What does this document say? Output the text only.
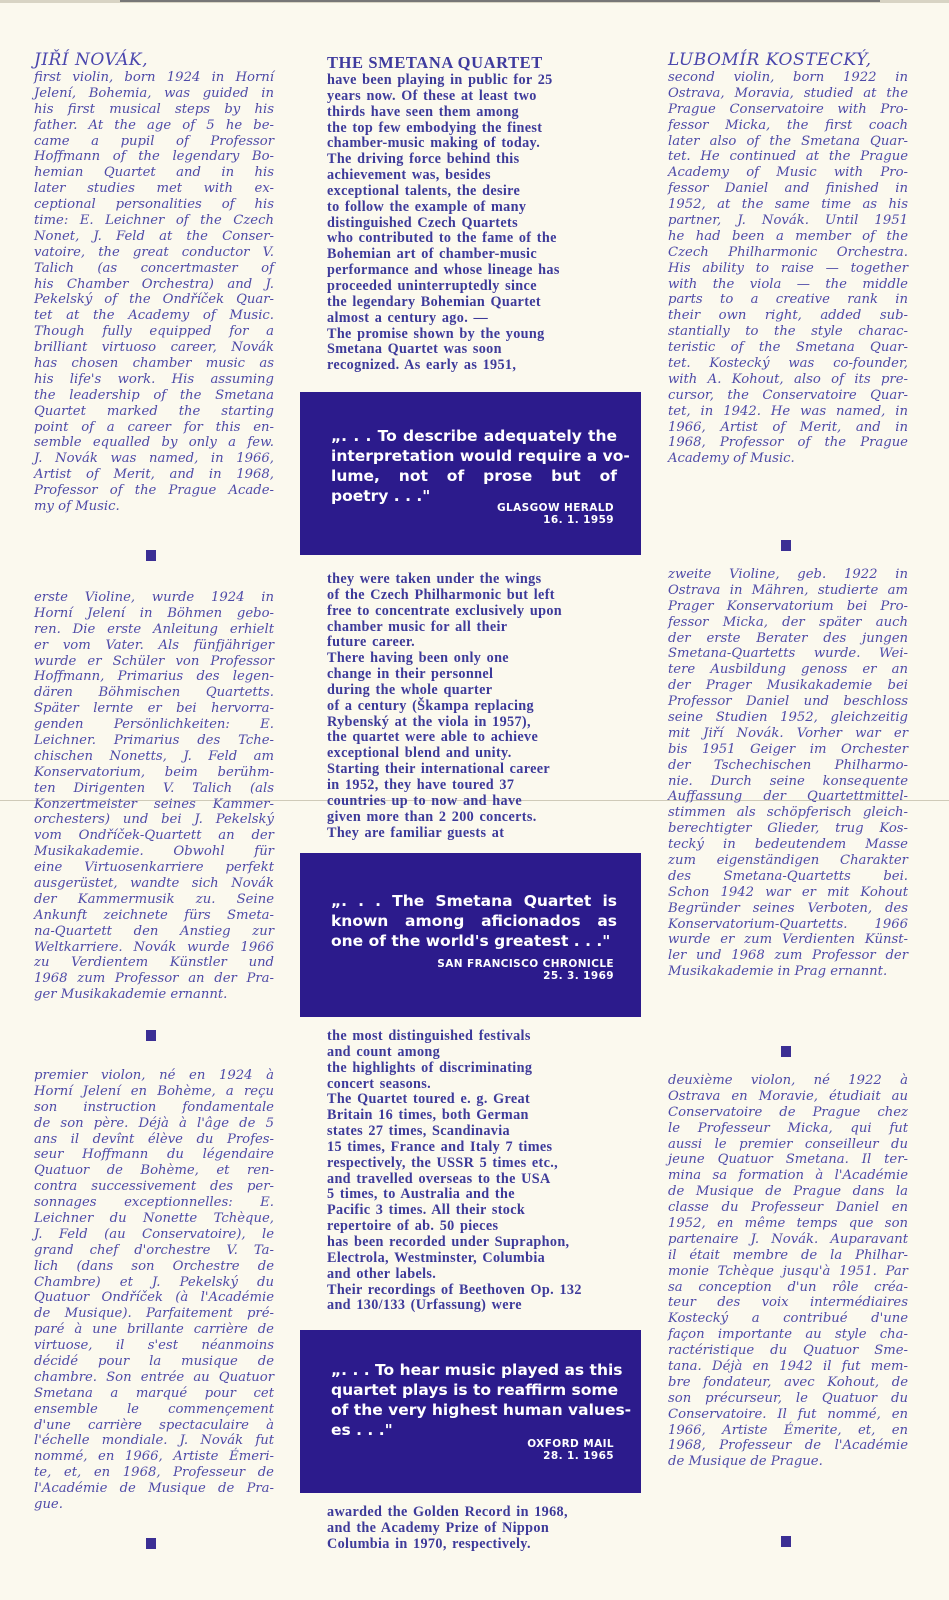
JIŘÍ NOVÁK,
first violin, born 1924 in Horní
Jelení, Bohemia, was guided in
his first musical steps by his
father. At the age of 5 he be-
came a pupil of Professor
Hoffmann of the legendary Bo-
hemian Quartet and in his
later studies met with ex-
ceptional personalities of his
time: E. Leichner of the Czech
Nonet, J. Feld at the Conser-
vatoire, the great conductor V.
Talich (as concertmaster of
his Chamber Orchestra) and J.
Pekelský of the Ondříček Quar-
tet at the Academy of Music.
Though fully equipped for a
brilliant virtuoso career, Novák
has chosen chamber music as
his life's work. His assuming
the leadership of the Smetana
Quartet marked the starting
point of a career for this en-
semble equalled by only a few.
J. Novák was named, in 1966,
Artist of Merit, and in 1968,
Professor of the Prague Acade-
my of Music.
erste Violine, wurde 1924 in
Horní Jelení in Böhmen gebo-
ren. Die erste Anleitung erhielt
er vom Vater. Als fünfjähriger
wurde er Schüler von Professor
Hoffmann, Primarius des legen-
dären Böhmischen Quartetts.
Später lernte er bei hervorra-
genden Persönlichkeiten: E.
Leichner. Primarius des Tche-
chischen Nonetts, J. Feld am
Konservatorium, beim berühm-
ten Dirigenten V. Talich (als
Konzertmeister seines Kammer-
orchesters) und bei J. Pekelský
vom Ondříček-Quartett an der
Musikakademie. Obwohl für
eine Virtuosenkarriere perfekt
ausgerüstet, wandte sich Novák
der Kammermusik zu. Seine
Ankunft zeichnete fürs Smeta-
na-Quartett den Anstieg zur
Weltkarriere. Novák wurde 1966
zu Verdientem Künstler und
1968 zum Professor an der Pra-
ger Musikakademie ernannt.
premier violon, né en 1924 à
Horní Jelení en Bohème, a reçu
son instruction fondamentale
de son père. Déjà à l'âge de 5
ans il devînt élève du Profes-
seur Hoffmann du légendaire
Quatuor de Bohème, et ren-
contra successivement des per-
sonnages exceptionnelles: E.
Leichner du Nonette Tchèque,
J. Feld (au Conservatoire), le
grand chef d'orchestre V. Ta-
lich (dans son Orchestre de
Chambre) et J. Pekelský du
Quatuor Ondříček (à l'Académie
de Musique). Parfaitement pré-
paré à une brillante carrière de
virtuose, il s'est néanmoins
décidé pour la musique de
chambre. Son entrée au Quatuor
Smetana a marqué pour cet
ensemble le commençement
d'une carrière spectaculaire à
l'échelle mondiale. J. Novák fut
nommé, en 1966, Artiste Émeri-
te, et, en 1968, Professeur de
l'Académie de Musique de Pra-
gue.
THE SMETANA QUARTET
have been playing in public for 25
years now. Of these at least two
thirds have seen them among
the top few embodying the finest
chamber-music making of today.
The driving force behind this
achievement was, besides
exceptional talents, the desire
to follow the example of many
distinguished Czech Quartets
who contributed to the fame of the
Bohemian art of chamber-music
performance and whose lineage has
proceeded uninterruptedly since
the legendary Bohemian Quartet
almost a century ago. —
The promise shown by the young
Smetana Quartet was soon
recognized. As early as 1951,
„. . . To describe adequately the
interpretation would require a vo-
lume, not of prose but of
poetry . . ."
GLASGOW HERALD
16. 1. 1959
they were taken under the wings
of the Czech Philharmonic but left
free to concentrate exclusively upon
chamber music for all their
future career.
There having been only one
change in their personnel
during the whole quarter
of a century (Škampa replacing
Rybenský at the viola in 1957),
the quartet were able to achieve
exceptional blend and unity.
Starting their international career
in 1952, they have toured 37
countries up to now and have
given more than 2 200 concerts.
They are familiar guests at
„. . . The Smetana Quartet is
known among aficionados as
one of the world's greatest . . ."
SAN FRANCISCO CHRONICLE
25. 3. 1969
the most distinguished festivals
and count among
the highlights of discriminating
concert seasons.
The Quartet toured e. g. Great
Britain 16 times, both German
states 27 times, Scandinavia
15 times, France and Italy 7 times
respectively, the USSR 5 times etc.,
and travelled overseas to the USA
5 times, to Australia and the
Pacific 3 times. All their stock
repertoire of ab. 50 pieces
has been recorded under Supraphon,
Electrola, Westminster, Columbia
and other labels.
Their recordings of Beethoven Op. 132
and 130/133 (Urfassung) were
„. . . To hear music played as this
quartet plays is to reaffirm some
of the very highest human values-
es . . ."
OXFORD MAIL
28. 1. 1965
awarded the Golden Record in 1968,
and the Academy Prize of Nippon
Columbia in 1970, respectively.
LUBOMÍR KOSTECKÝ,
second violin, born 1922 in
Ostrava, Moravia, studied at the
Prague Conservatoire with Pro-
fessor Micka, the first coach
later also of the Smetana Quar-
tet. He continued at the Prague
Academy of Music with Pro-
fessor Daniel and finished in
1952, at the same time as his
partner, J. Novák. Until 1951
he had been a member of the
Czech Philharmonic Orchestra.
His ability to raise — together
with the viola — the middle
parts to a creative rank in
their own right, added sub-
stantially to the style charac-
teristic of the Smetana Quar-
tet. Kostecký was co-founder,
with A. Kohout, also of its pre-
cursor, the Conservatoire Quar-
tet, in 1942. He was named, in
1966, Artist of Merit, and in
1968, Professor of the Prague
Academy of Music.
zweite Violine, geb. 1922 in
Ostrava in Mähren, studierte am
Prager Konservatorium bei Pro-
fessor Micka, der später auch
der erste Berater des jungen
Smetana-Quartetts wurde. Wei-
tere Ausbildung genoss er an
der Prager Musikakademie bei
Professor Daniel und beschloss
seine Studien 1952, gleichzeitig
mit Jiří Novák. Vorher war er
bis 1951 Geiger im Orchester
der Tschechischen Philharmo-
nie. Durch seine konsequente
Auffassung der Quartettmittel-
stimmen als schöpferisch gleich-
berechtigter Glieder, trug Kos-
tecký in bedeutendem Masse
zum eigenständigen Charakter
des Smetana-Quartetts bei.
Schon 1942 war er mit Kohout
Begründer seines Verboten, des
Konservatorium-Quartetts. 1966
wurde er zum Verdienten Künst-
ler und 1968 zum Professor der
Musikakademie in Prag ernannt.
deuxième violon, né 1922 à
Ostrava en Moravie, étudiait au
Conservatoire de Prague chez
le Professeur Micka, qui fut
aussi le premier conseilleur du
jeune Quatuor Smetana. Il ter-
mina sa formation à l'Académie
de Musique de Prague dans la
classe du Professeur Daniel en
1952, en même temps que son
partenaire J. Novák. Auparavant
il était membre de la Philhar-
monie Tchèque jusqu'à 1951. Par
sa conception d'un rôle créa-
teur des voix intermédiaires
Kostecký a contribué d'une
façon importante au style cha-
ractéristique du Quatuor Sme-
tana. Déjà en 1942 il fut mem-
bre fondateur, avec Kohout, de
son précurseur, le Quatuor du
Conservatoire. Il fut nommé, en
1966, Artiste Émerite, et, en
1968, Professeur de l'Académie
de Musique de Prague.
